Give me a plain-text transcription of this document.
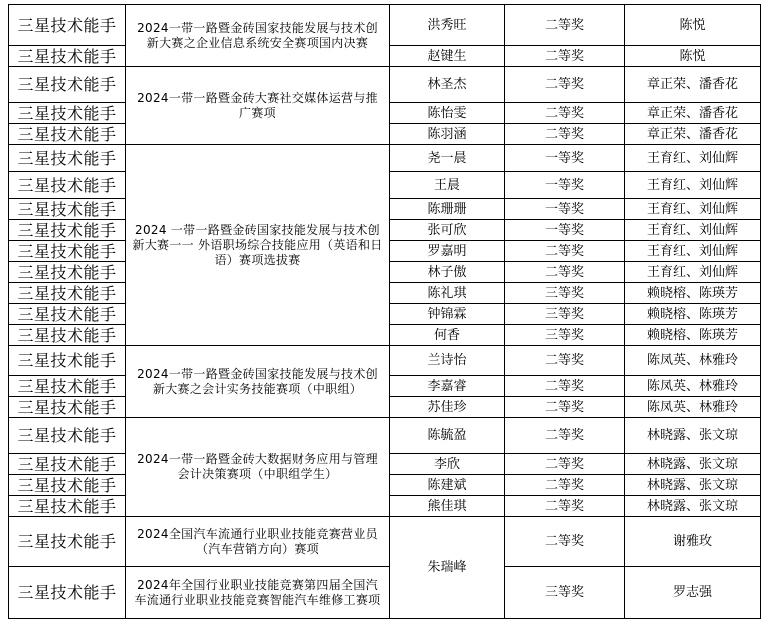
三星技术能手	2024一带一路暨金砖国家技能发展与技术创新大赛之企业信息系统安全赛项国内决赛	洪秀旺	二等奖	陈悦
三星技术能手		赵键生	二等奖	陈悦
三星技术能手	2024一带一路暨金砖大赛社交媒体运营与推广赛项	林圣杰	二等奖	章正荣、潘香花
三星技术能手		陈怡雯	二等奖	章正荣、潘香花
三星技术能手		陈羽涵	二等奖	章正荣、潘香花
三星技术能手	2024 一带一路暨金砖国家技能发展与技术创新大赛一一 外语职场综合技能应用（英语和日语）赛项选拔赛	尧一晨	一等奖	王育红、刘仙辉
三星技术能手		王晨	一等奖	王育红、刘仙辉
三星技术能手		陈珊珊	一等奖	王育红、刘仙辉
三星技术能手		张可欣	一等奖	王育红、刘仙辉
三星技术能手		罗嘉明	二等奖	王育红、刘仙辉
三星技术能手		林子傲	二等奖	王育红、刘仙辉
三星技术能手		陈礼琪	三等奖	赖晓榕、陈瑛芳
三星技术能手		钟锦霖	三等奖	赖晓榕、陈瑛芳
三星技术能手		何香	三等奖	赖晓榕、陈瑛芳
三星技术能手	2024一带一路暨金砖国家技能发展与技术创新大赛之会计实务技能赛项（中职组）	兰诗怡	二等奖	陈凤英、林雅玲
三星技术能手		李嘉睿	二等奖	陈凤英、林雅玲
三星技术能手		苏佳珍	二等奖	陈凤英、林雅玲
三星技术能手	2024一带一路暨金砖大数据财务应用与管理会计决策赛项（中职组学生）	陈毓盈	二等奖	林晓露、张文琼
三星技术能手		李欣	二等奖	林晓露、张文琼
三星技术能手		陈建斌	二等奖	林晓露、张文琼
三星技术能手		熊佳琪	二等奖	林晓露、张文琼
三星技术能手	2024全国汽车流通行业职业技能竞赛营业员（汽车营销方向）赛项	朱瑞峰	二等奖	谢雅玫
三星技术能手	2024年全国行业职业技能竞赛第四届全国汽车流通行业职业技能竞赛智能汽车维修工赛项		三等奖	罗志强
